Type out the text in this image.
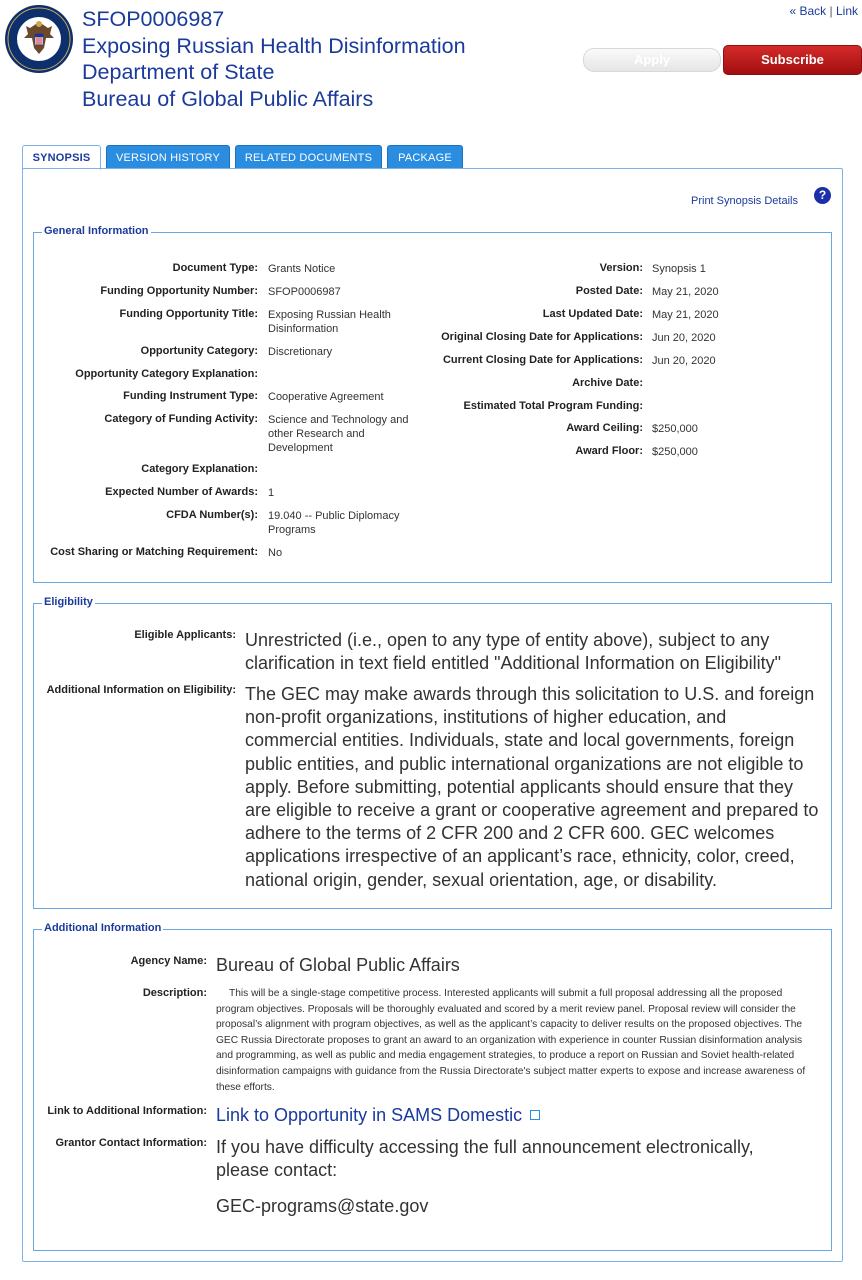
SFOP0006987
Exposing Russian Health Disinformation
Department of State
Bureau of Global Public Affairs
« Back | Link
Apply	Subscribe
SYNOPSIS	VERSION HISTORY	RELATED DOCUMENTS	PACKAGE
Print Synopsis Details	?
General Information
Document Type: Grants Notice
Funding Opportunity Number: SFOP0006987
Funding Opportunity Title: Exposing Russian Health Disinformation
Opportunity Category: Discretionary
Opportunity Category Explanation:
Funding Instrument Type: Cooperative Agreement
Category of Funding Activity: Science and Technology and other Research and Development
Category Explanation:
Expected Number of Awards: 1
CFDA Number(s): 19.040 -- Public Diplomacy Programs
Cost Sharing or Matching Requirement: No
Version: Synopsis 1
Posted Date: May 21, 2020
Last Updated Date: May 21, 2020
Original Closing Date for Applications: Jun 20, 2020
Current Closing Date for Applications: Jun 20, 2020
Archive Date:
Estimated Total Program Funding:
Award Ceiling: $250,000
Award Floor: $250,000
Eligibility
Eligible Applicants: Unrestricted (i.e., open to any type of entity above), subject to any clarification in text field entitled "Additional Information on Eligibility"
Additional Information on Eligibility: The GEC may make awards through this solicitation to U.S. and foreign non-profit organizations, institutions of higher education, and commercial entities. Individuals, state and local governments, foreign public entities, and public international organizations are not eligible to apply. Before submitting, potential applicants should ensure that they are eligible to receive a grant or cooperative agreement and prepared to adhere to the terms of 2 CFR 200 and 2 CFR 600. GEC welcomes applications irrespective of an applicant’s race, ethnicity, color, creed, national origin, gender, sexual orientation, age, or disability.
Additional Information
Agency Name: Bureau of Global Public Affairs
Description:	This will be a single-stage competitive process. Interested applicants will submit a full proposal addressing all the proposed program objectives. Proposals will be thoroughly evaluated and scored by a merit review panel. Proposal review will consider the proposal’s alignment with program objectives, as well as the applicant’s capacity to deliver results on the proposed objectives. The GEC Russia Directorate proposes to grant an award to an organization with experience in counter Russian disinformation analysis and programming, as well as public and media engagement strategies, to produce a report on Russian and Soviet health-related disinformation campaigns with guidance from the Russia Directorate's subject matter experts to expose and increase awareness of these efforts.
Link to Additional Information: Link to Opportunity in SAMS Domestic
Grantor Contact Information: If you have difficulty accessing the full announcement electronically, please contact:
GEC-programs@state.gov
